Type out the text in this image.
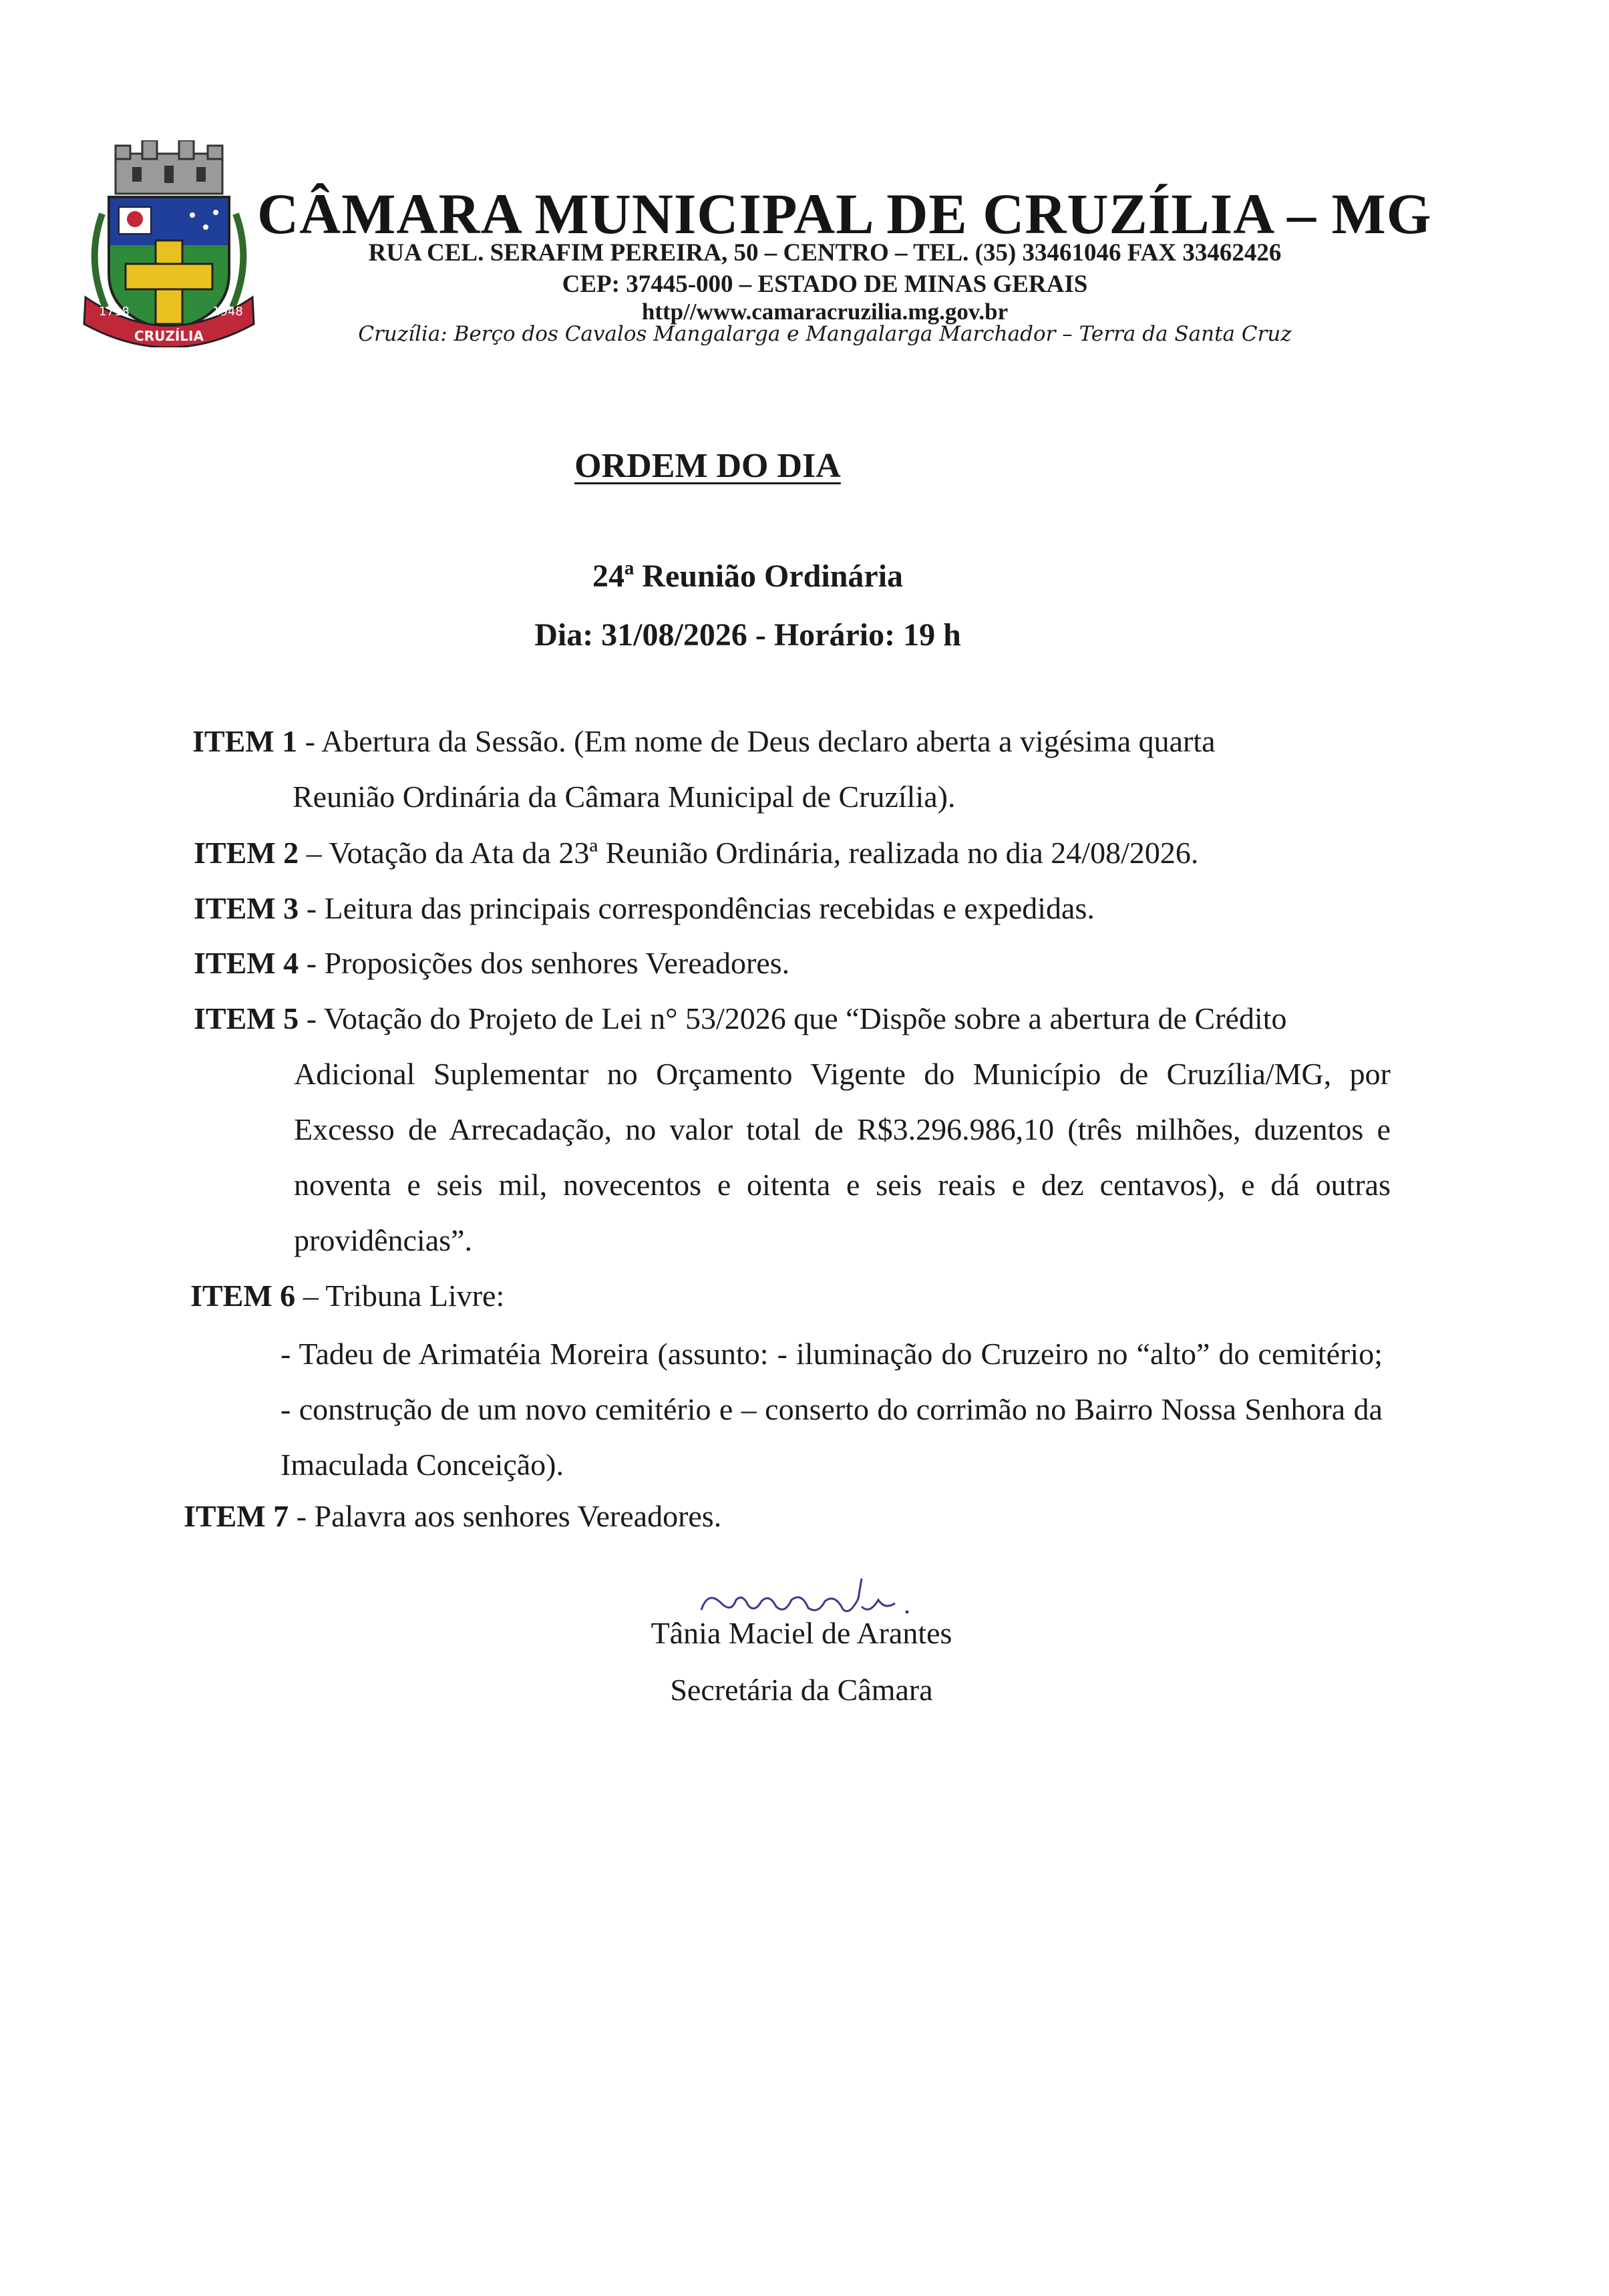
1718	1948
CRUZÍLIA
CÂMARA MUNICIPAL DE CRUZÍLIA – MG
RUA CEL. SERAFIM PEREIRA, 50 – CENTRO – TEL. (35) 33461046 FAX 33462426
CEP: 37445-000 – ESTADO DE MINAS GERAIS
http//www.camaracruzilia.mg.gov.br
Cruzília: Berço dos Cavalos Mangalarga e Mangalarga Marchador – Terra da Santa Cruz
ORDEM DO DIA
24ª Reunião Ordinária
Dia: 31/08/2026 - Horário: 19 h
ITEM 1 - Abertura da Sessão. (Em nome de Deus declaro aberta a vigésima quarta
Reunião Ordinária da Câmara Municipal de Cruzília).
ITEM 2 – Votação da Ata da 23ª Reunião Ordinária, realizada no dia 24/08/2026.
ITEM 3 - Leitura das principais correspondências recebidas e expedidas.
ITEM 4 - Proposições dos senhores Vereadores.
ITEM 5 - Votação do Projeto de Lei n° 53/2026 que “Dispõe sobre a abertura de Crédito
Adicional Suplementar no Orçamento Vigente do Município de Cruzília/MG, por Excesso de Arrecadação, no valor total de R$3.296.986,10 (três milhões, duzentos e noventa e seis mil, novecentos e oitenta e seis reais e dez centavos), e dá outras providências”.
ITEM 6 – Tribuna Livre:
- Tadeu de Arimatéia Moreira (assunto: - iluminação do Cruzeiro no “alto” do cemitério; - construção de um novo cemitério e – conserto do corrimão no Bairro Nossa Senhora da Imaculada Conceição).
ITEM 7 - Palavra aos senhores Vereadores.
Tânia Maciel de Arantes
Secretária da Câmara
